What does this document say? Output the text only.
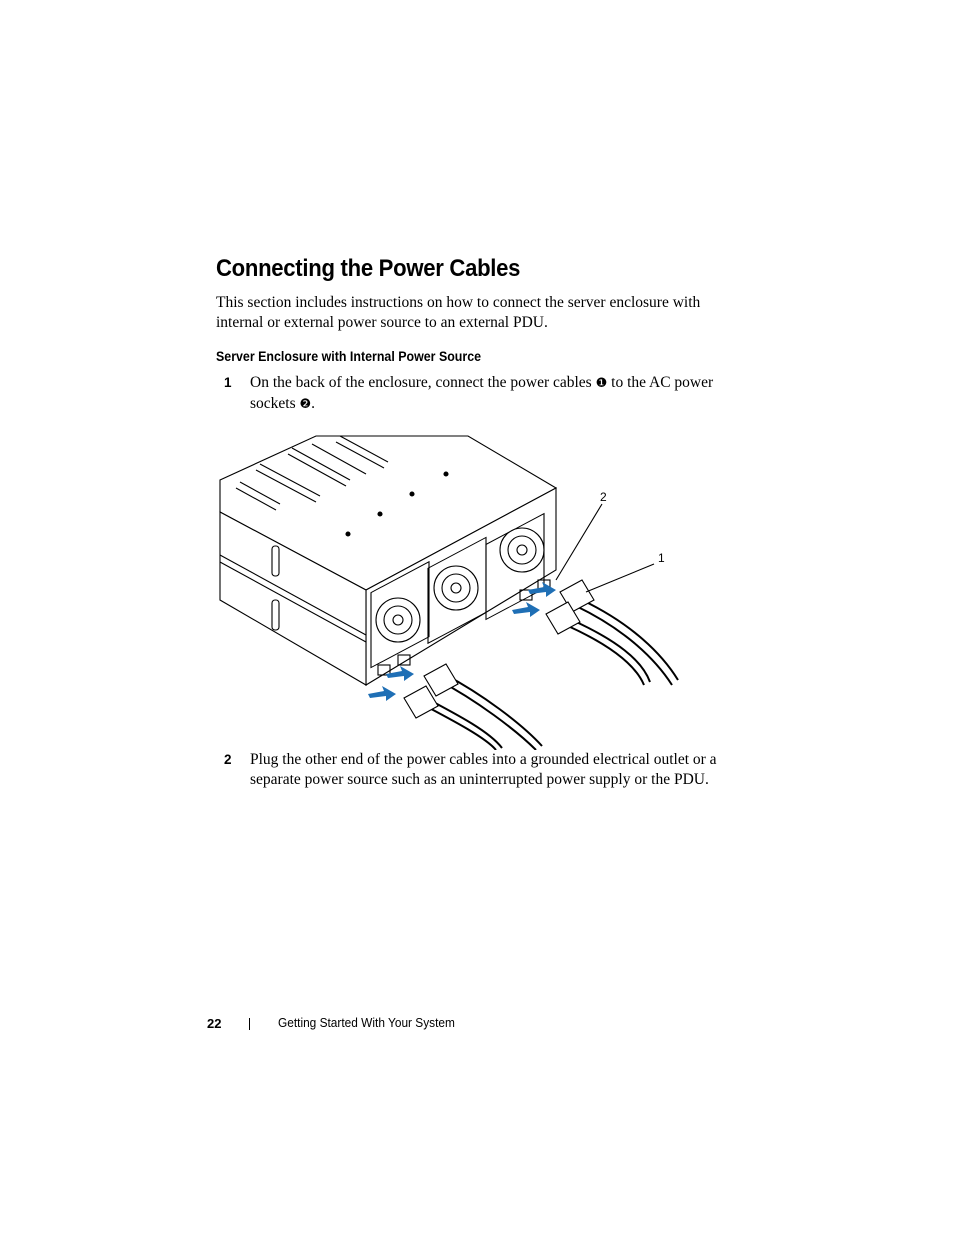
Connecting the Power Cables

This section includes instructions on how to connect the server enclosure with internal or external power source to an external PDU.

Server Enclosure with Internal Power Source
1 On the back of the enclosure, connect the power cables ❶ to the AC power sockets ❷.
2
1
2 Plug the other end of the power cables into a grounded electrical outlet or a separate power source such as an uninterrupted power supply or the PDU.
22	Getting Started With Your System
